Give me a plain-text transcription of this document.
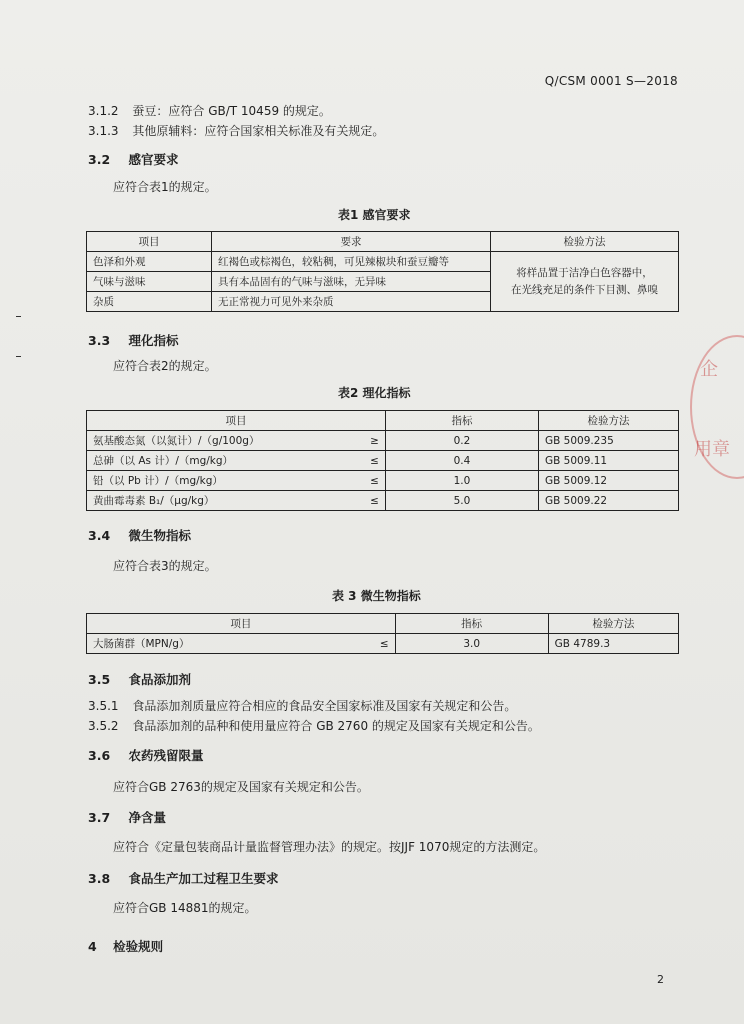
Q/CSM 0001 S—2018
3.1.2 蚕豆：应符合 GB/T 10459 的规定。
3.1.3 其他原辅料：应符合国家相关标准及有关规定。
3.2 感官要求
应符合表1的规定。
表1 感官要求
项目	要求	检验方法
色泽和外观	红褐色或棕褐色，较粘稠，可见辣椒块和蚕豆瓣等	将样品置于洁净白色容器中，
在光线充足的条件下目测、鼻嗅

气味与滋味	具有本品固有的气味与滋味，无异味	
杂质	无正常视力可见外来杂质	
3.3 理化指标
应符合表2的规定。
表2 理化指标
项目		指标	检验方法
氨基酸态氮（以氮计）/（g/100g）	≥	0.2	GB 5009.235
总砷（以 As 计）/（mg/kg）	≤	0.4	GB 5009.11
铅（以 Pb 计）/（mg/kg）	≤	1.0	GB 5009.12
黄曲霉毒素 B₁/（μg/kg）	≤	5.0	GB 5009.22
3.4 微生物指标
应符合表3的规定。
表 3 微生物指标
项目		指标	检验方法
大肠菌群（MPN/g）	≤	3.0	GB 4789.3
3.5 食品添加剂
3.5.1 食品添加剂质量应符合相应的食品安全国家标准及国家有关规定和公告。
3.5.2 食品添加剂的品种和使用量应符合 GB 2760 的规定及国家有关规定和公告。
3.6 农药残留限量
应符合GB 2763的规定及国家有关规定和公告。
3.7 净含量
应符合《定量包装商品计量监督管理办法》的规定。按JJF 1070规定的方法测定。
3.8 食品生产加工过程卫生要求
应符合GB 14881的规定。
4 检验规则
2
企
用章
